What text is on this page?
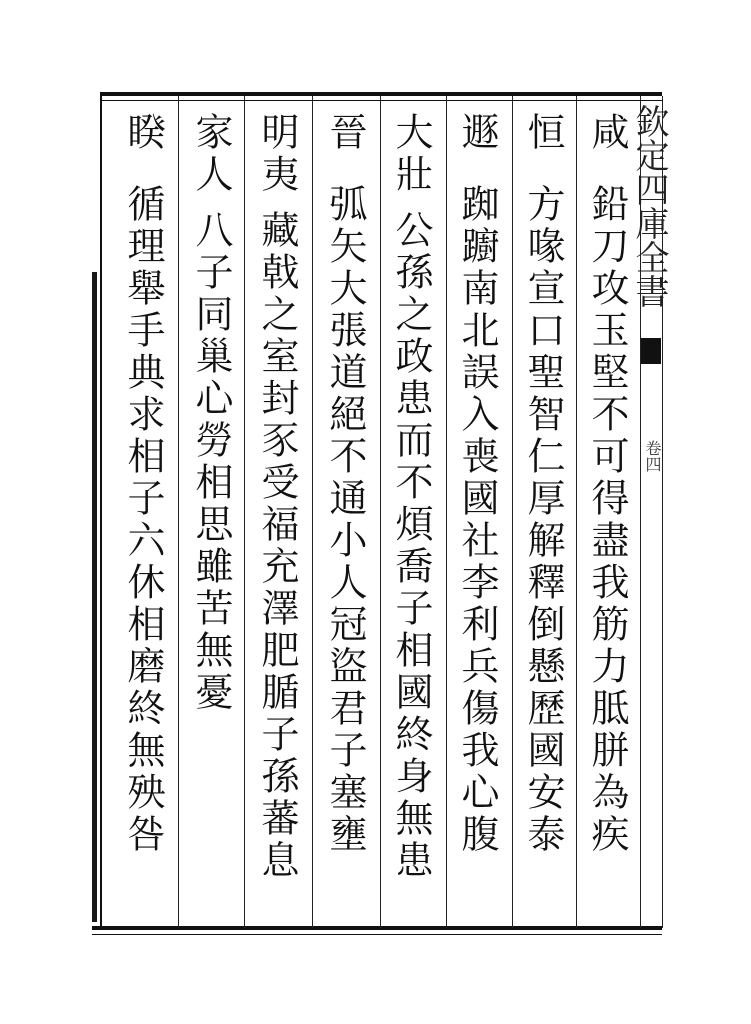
欽定四庫全書
卷四
咸鉛刀攻玉堅不可得盡我筋力胝胼為疾
恒方喙宣口聖智仁厚解釋倒懸歷國安泰
遯踟躕南北誤入喪國社李利兵傷我心腹
大壯公孫之政患而不煩喬子相國終身無患
晉弧矢大張道絕不通小人冠盜君子塞壅
明夷藏戟之室封豕受福充澤肥腯子孫蕃息
家人八子同巢心勞相思雖苦無憂
睽循理舉手典求相子六休相磨終無殃咎
